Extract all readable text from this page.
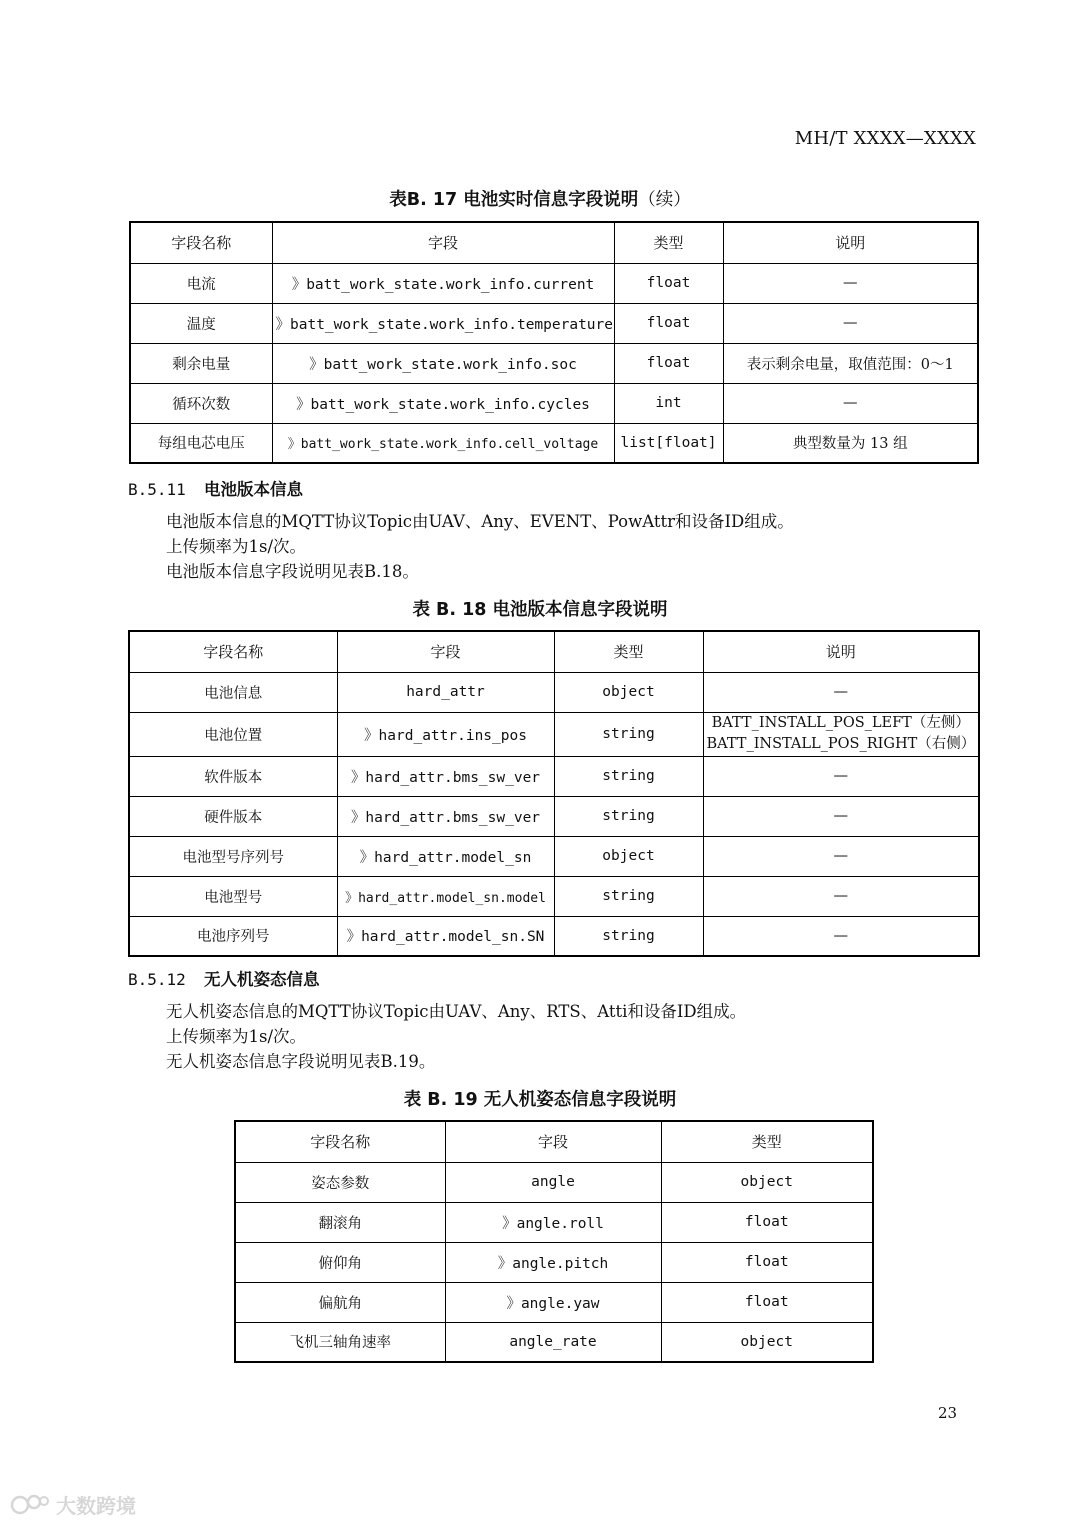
MH/T XXXX—XXXX
表B. 17 电池实时信息字段说明（续）
字段名称	字段	类型	说明
电流	》batt_work_state.work_info.current	float	—
温度	》batt_work_state.work_info.temperature	float	—
剩余电量	》batt_work_state.work_info.soc	float	表示剩余电量，取值范围：0～1
循环次数	》batt_work_state.work_info.cycles	int	—
每组电芯电压	》batt_work_state.work_info.cell_voltage	list[float]	典型数量为 13 组
B.5.11 电池版本信息
电池版本信息的MQTT协议Topic由UAV、Any、EVENT、PowAttr和设备ID组成。
上传频率为1s/次。
电池版本信息字段说明见表B.18。
表 B. 18 电池版本信息字段说明
字段名称	字段	类型	说明
电池信息	hard_attr	object	—
电池位置	》hard_attr.ins_pos	string	BATT_INSTALL_POS_LEFT（左侧）
BATT_INSTALL_POS_RIGHT（右侧）
软件版本	》hard_attr.bms_sw_ver	string	—
硬件版本	》hard_attr.bms_sw_ver	string	—
电池型号序列号	》hard_attr.model_sn	object	—
电池型号	》hard_attr.model_sn.model	string	—
电池序列号	》hard_attr.model_sn.SN	string	—
B.5.12 无人机姿态信息
无人机姿态信息的MQTT协议Topic由UAV、Any、RTS、Atti和设备ID组成。
上传频率为1s/次。
无人机姿态信息字段说明见表B.19。
表 B. 19 无人机姿态信息字段说明
字段名称	字段	类型
姿态参数	angle	object
翻滚角	》angle.roll	float
俯仰角	》angle.pitch	float
偏航角	》angle.yaw	float
飞机三轴角速率	angle_rate	object
23
大数跨境
